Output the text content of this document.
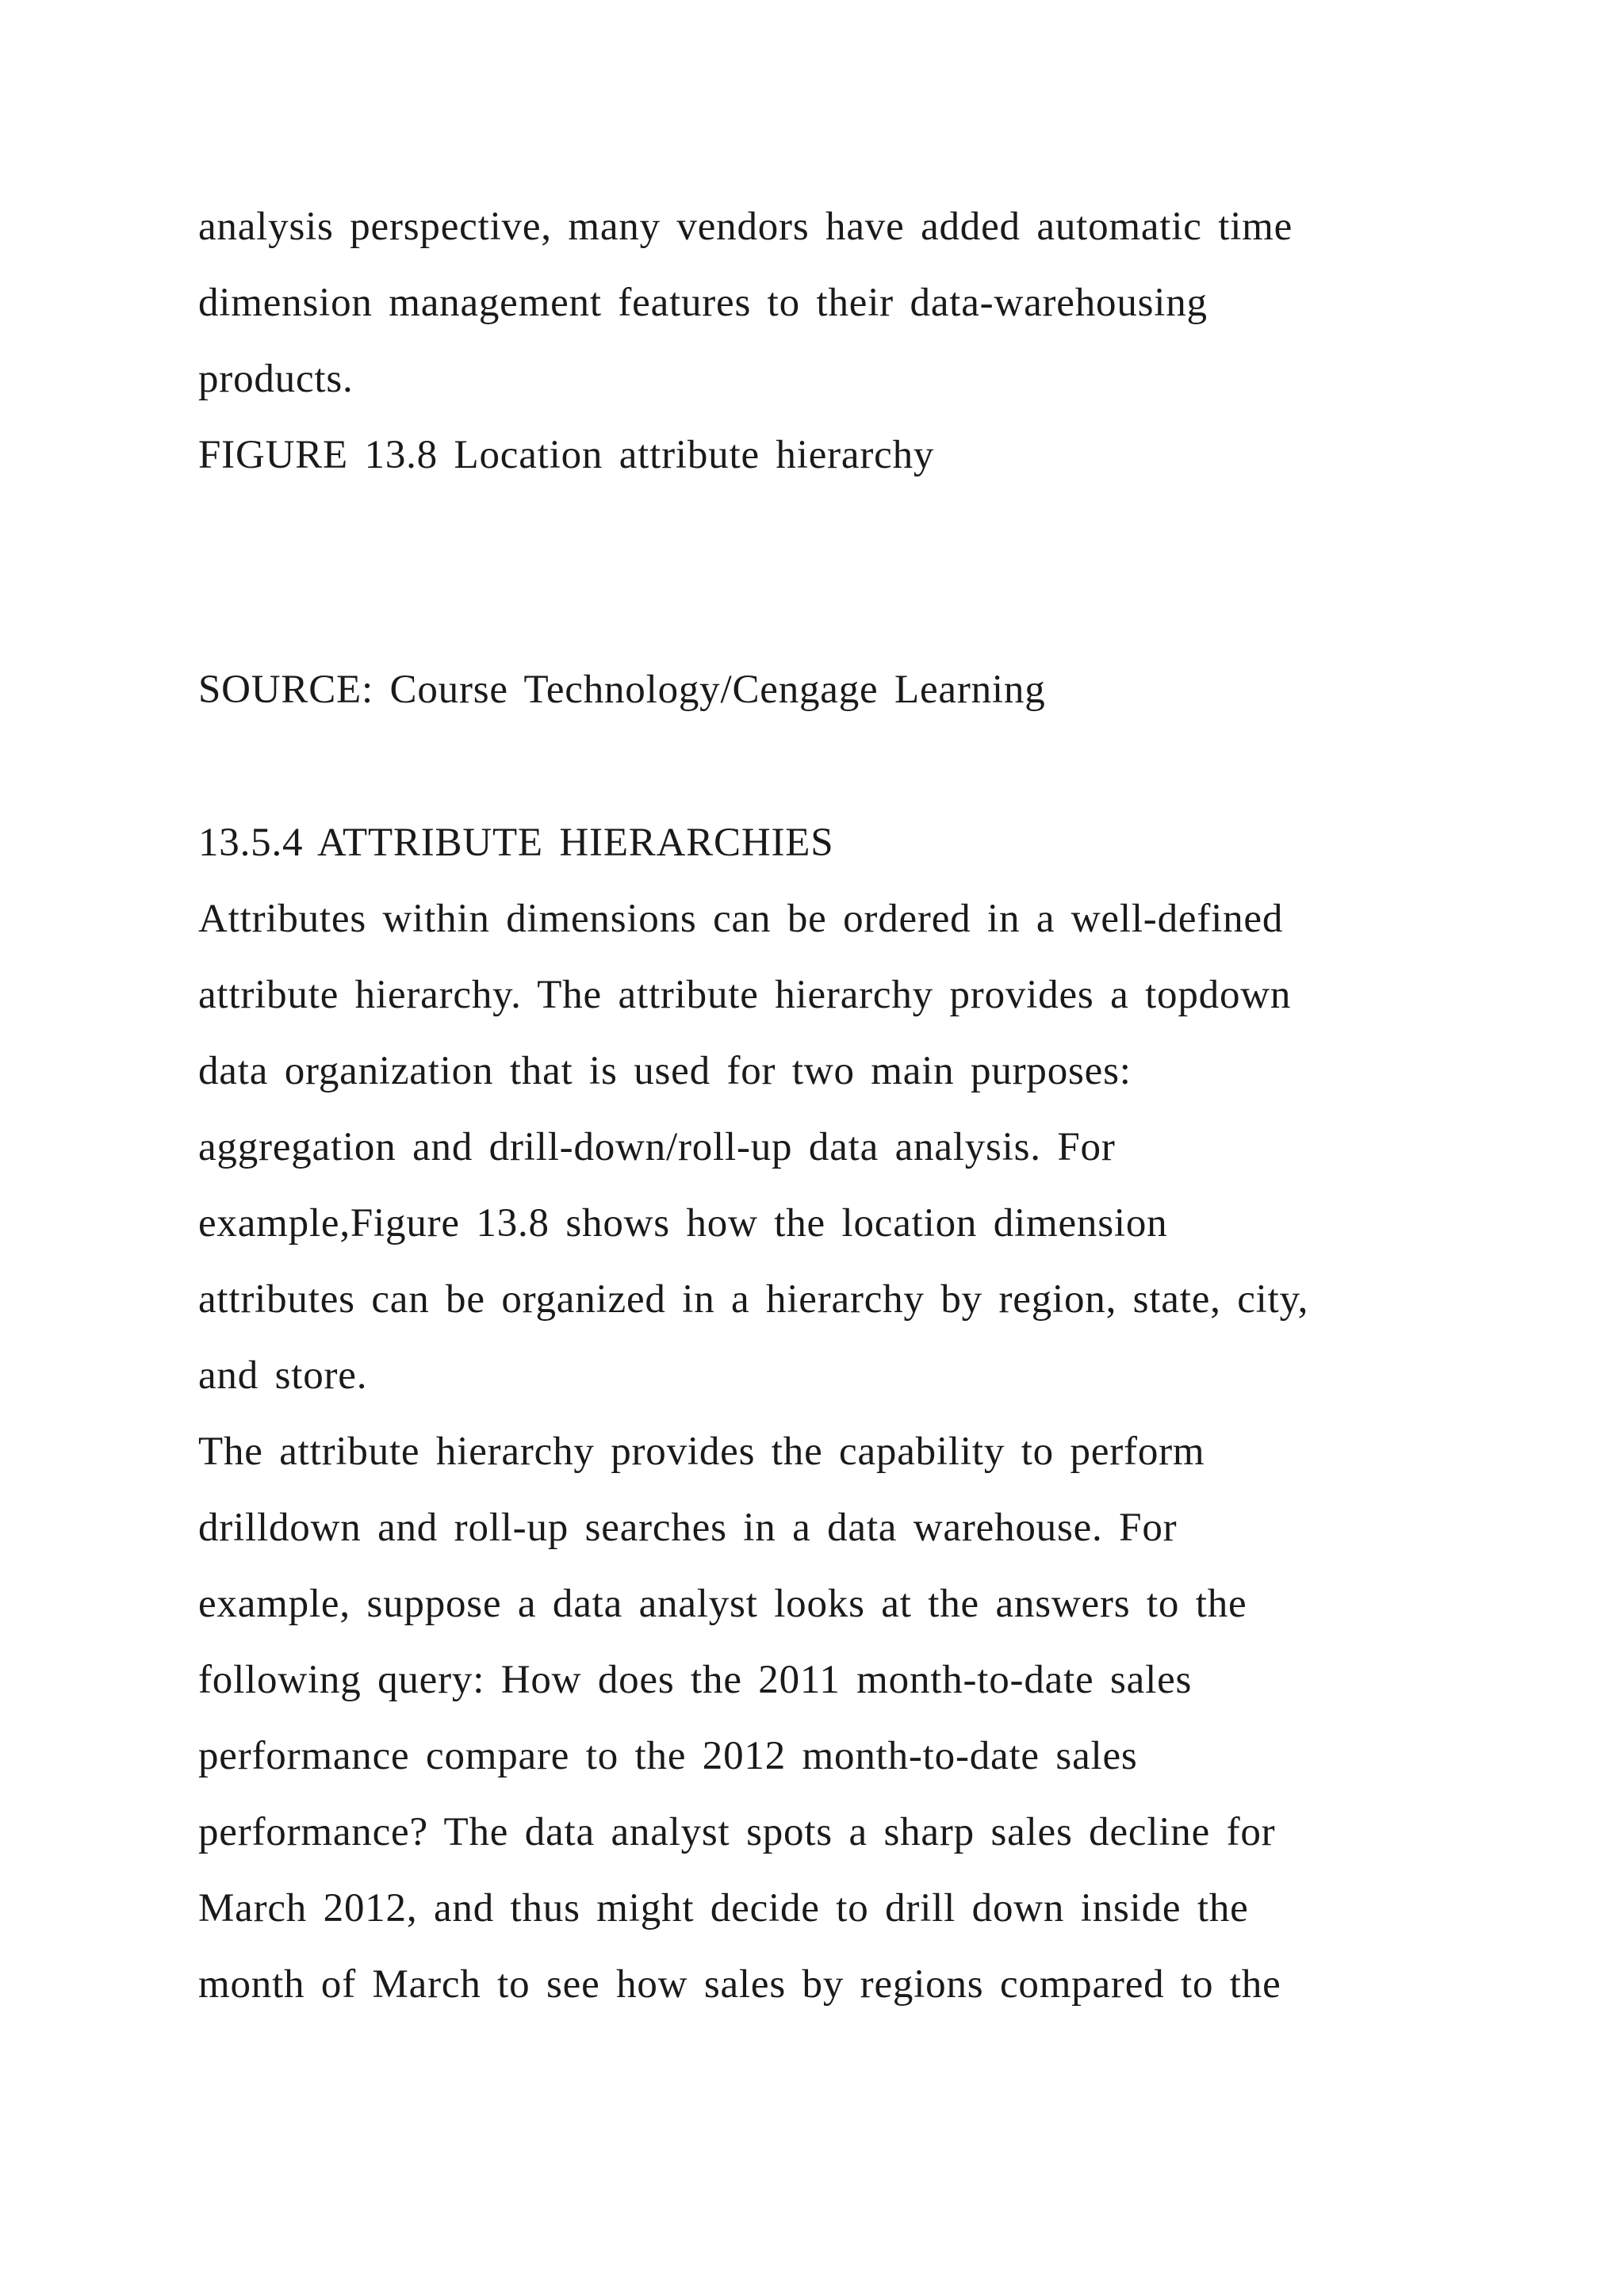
analysis perspective, many vendors have added automatic time
dimension management features to their data-warehousing
products.
FIGURE 13.8 Location attribute hierarchy
SOURCE: Course Technology/Cengage Learning
13.5.4 ATTRIBUTE HIERARCHIES
Attributes within dimensions can be ordered in a well-defined
attribute hierarchy. The attribute hierarchy provides a topdown
data organization that is used for two main purposes:
aggregation and drill-down/roll-up data analysis. For
example,Figure 13.8 shows how the location dimension
attributes can be organized in a hierarchy by region, state, city,
and store.
The attribute hierarchy provides the capability to perform
drilldown and roll-up searches in a data warehouse. For
example, suppose a data analyst looks at the answers to the
following query: How does the 2011 month-to-date sales
performance compare to the 2012 month-to-date sales
performance? The data analyst spots a sharp sales decline for
March 2012, and thus might decide to drill down inside the
month of March to see how sales by regions compared to the
